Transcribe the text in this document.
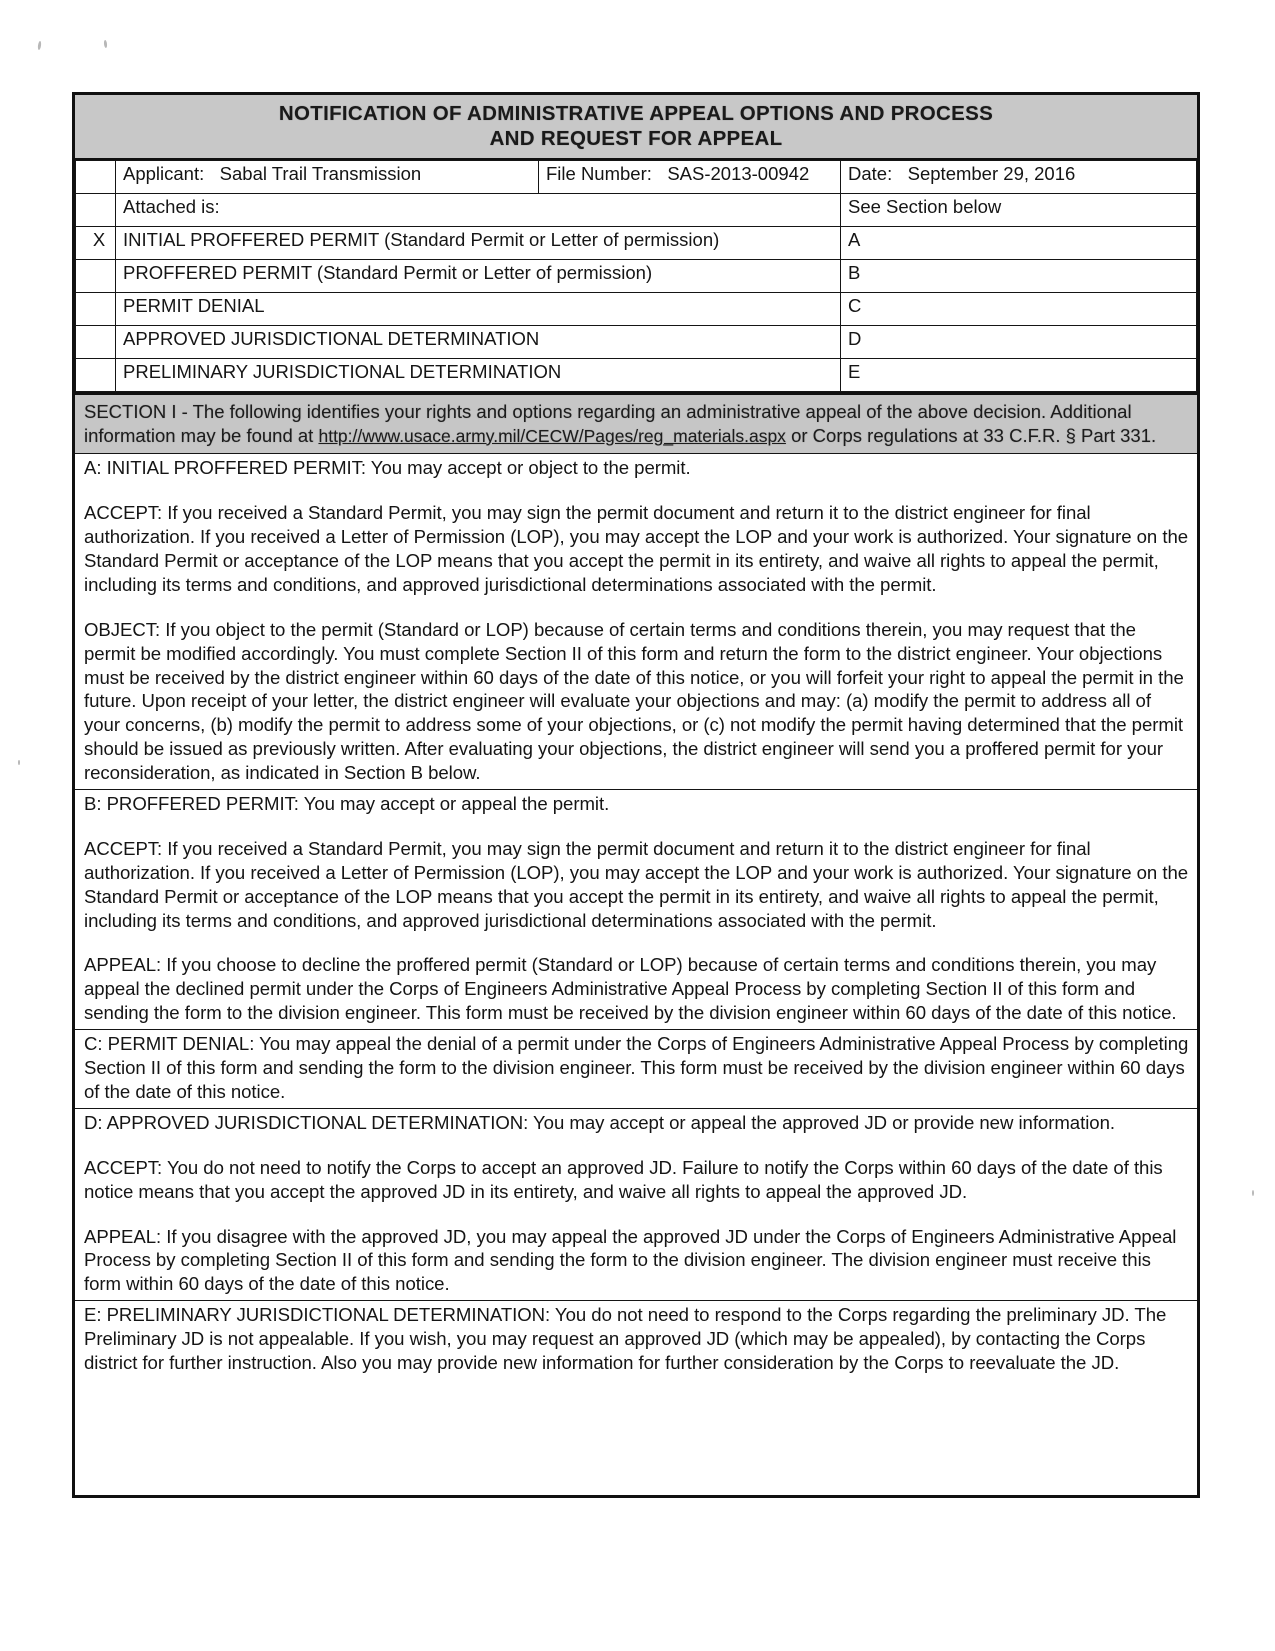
NOTIFICATION OF ADMINISTRATIVE APPEAL OPTIONS AND PROCESS
AND REQUEST FOR APPEAL
	Applicant: Sabal Trail Transmission	File Number: SAS-2013-00942	Date: September 29, 2016
	Attached is:		See Section below
X	INITIAL PROFFERED PERMIT (Standard Permit or Letter of permission)		A
	PROFFERED PERMIT (Standard Permit or Letter of permission)		B
	PERMIT DENIAL		C
	APPROVED JURISDICTIONAL DETERMINATION		D
	PRELIMINARY JURISDICTIONAL DETERMINATION		E
SECTION I - The following identifies your rights and options regarding an administrative appeal of the above decision. Additional information may be found at http://www.usace.army.mil/CECW/Pages/reg_materials.aspx or Corps regulations at 33 C.F.R. § Part 331.

A: INITIAL PROFFERED PERMIT: You may accept or object to the permit.

ACCEPT: If you received a Standard Permit, you may sign the permit document and return it to the district engineer for final authorization. If you received a Letter of Permission (LOP), you may accept the LOP and your work is authorized. Your signature on the Standard Permit or acceptance of the LOP means that you accept the permit in its entirety, and waive all rights to appeal the permit, including its terms and conditions, and approved jurisdictional determinations associated with the permit.

OBJECT: If you object to the permit (Standard or LOP) because of certain terms and conditions therein, you may request that the permit be modified accordingly. You must complete Section II of this form and return the form to the district engineer. Your objections must be received by the district engineer within 60 days of the date of this notice, or you will forfeit your right to appeal the permit in the future. Upon receipt of your letter, the district engineer will evaluate your objections and may: (a) modify the permit to address all of your concerns, (b) modify the permit to address some of your objections, or (c) not modify the permit having determined that the permit should be issued as previously written. After evaluating your objections, the district engineer will send you a proffered permit for your reconsideration, as indicated in Section B below.

B: PROFFERED PERMIT: You may accept or appeal the permit.

ACCEPT: If you received a Standard Permit, you may sign the permit document and return it to the district engineer for final authorization. If you received a Letter of Permission (LOP), you may accept the LOP and your work is authorized. Your signature on the Standard Permit or acceptance of the LOP means that you accept the permit in its entirety, and waive all rights to appeal the permit, including its terms and conditions, and approved jurisdictional determinations associated with the permit.

APPEAL: If you choose to decline the proffered permit (Standard or LOP) because of certain terms and conditions therein, you may appeal the declined permit under the Corps of Engineers Administrative Appeal Process by completing Section II of this form and sending the form to the division engineer. This form must be received by the division engineer within 60 days of the date of this notice.

C: PERMIT DENIAL: You may appeal the denial of a permit under the Corps of Engineers Administrative Appeal Process by completing Section II of this form and sending the form to the division engineer. This form must be received by the division engineer within 60 days of the date of this notice.

D: APPROVED JURISDICTIONAL DETERMINATION: You may accept or appeal the approved JD or provide new information.

ACCEPT: You do not need to notify the Corps to accept an approved JD. Failure to notify the Corps within 60 days of the date of this notice means that you accept the approved JD in its entirety, and waive all rights to appeal the approved JD.

APPEAL: If you disagree with the approved JD, you may appeal the approved JD under the Corps of Engineers Administrative Appeal Process by completing Section II of this form and sending the form to the division engineer. The division engineer must receive this form within 60 days of the date of this notice.

E: PRELIMINARY JURISDICTIONAL DETERMINATION: You do not need to respond to the Corps regarding the preliminary JD. The Preliminary JD is not appealable. If you wish, you may request an approved JD (which may be appealed), by contacting the Corps district for further instruction. Also you may provide new information for further consideration by the Corps to reevaluate the JD.
